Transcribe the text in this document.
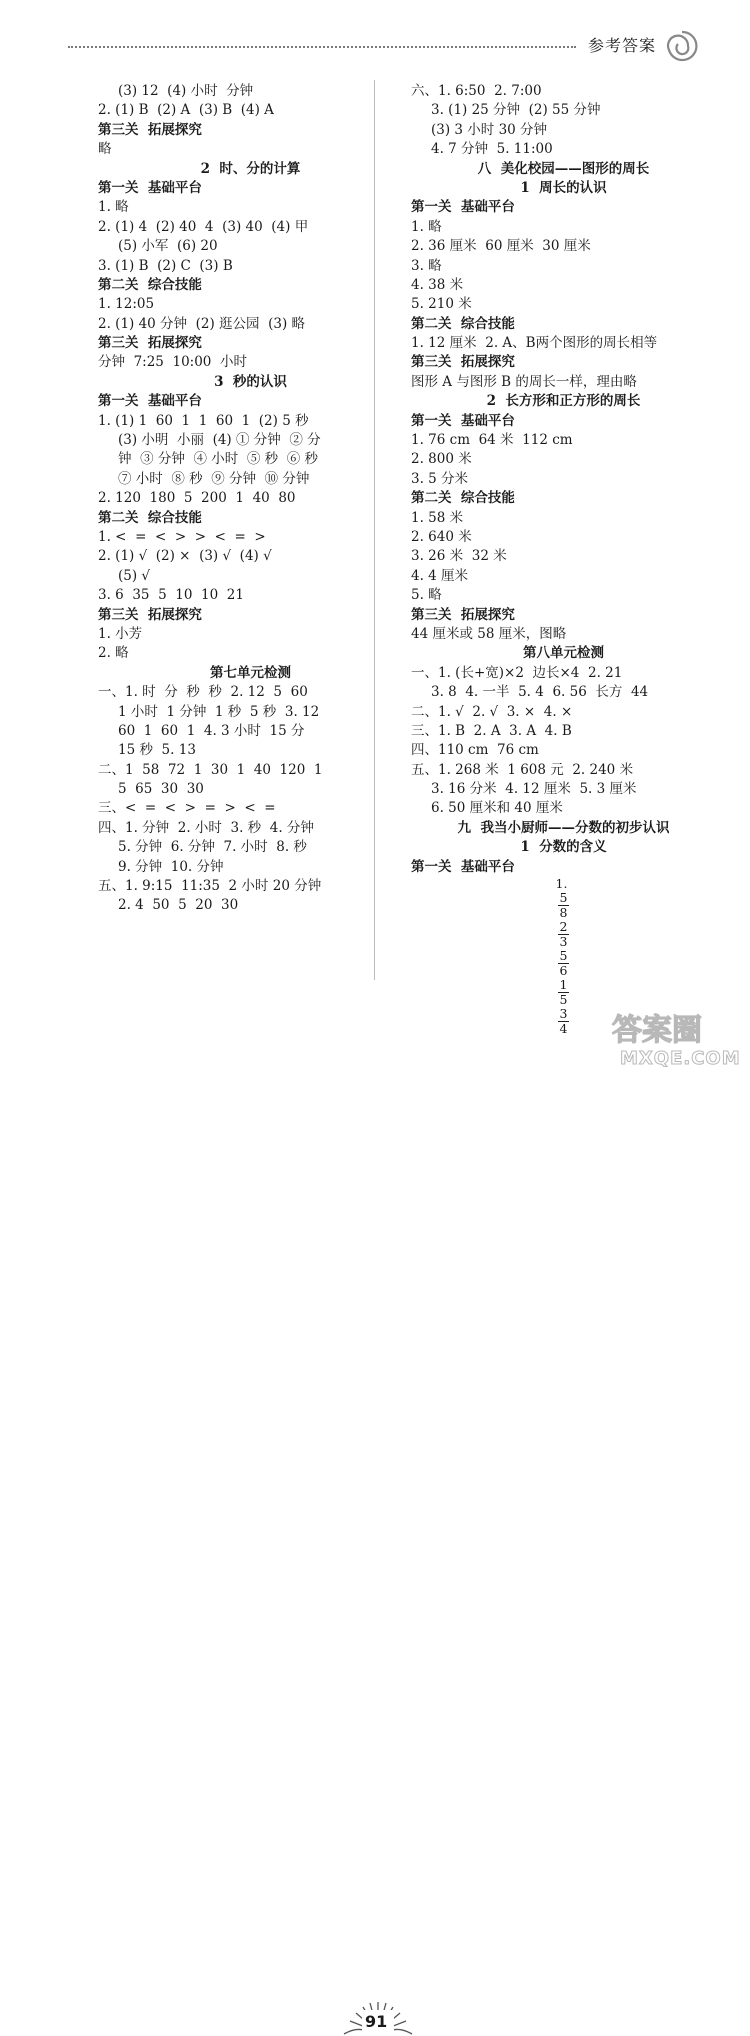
参考答案
(3) 12  (4) 小时  分钟
2. (1) B  (2) A  (3) B  (4) A
第三关  拓展探究
略
2  时、分的计算
第一关  基础平台
1. 略
2. (1) 4  (2) 40  4  (3) 40  (4) 甲
(5) 小军  (6) 20
3. (1) B  (2) C  (3) B
第二关  综合技能
1. 12:05
2. (1) 40 分钟  (2) 逛公园  (3) 略
第三关  拓展探究
分钟  7:25  10:00  小时
3  秒的认识
第一关  基础平台
1. (1) 1  60  1  1  60  1  (2) 5 秒
(3) 小明  小丽  (4) ① 分钟  ② 分
钟  ③ 分钟  ④ 小时  ⑤ 秒  ⑥ 秒
⑦ 小时  ⑧ 秒  ⑨ 分钟  ⑩ 分钟
2. 120  180  5  200  1  40  80
第二关  综合技能
1. <  =  <  >  >  <  =  >
2. (1) √  (2) ×  (3) √  (4) √
(5) √
3. 6  35  5  10  10  21
第三关  拓展探究
1. 小芳
2. 略
第七单元检测
一、1. 时  分  秒  秒  2. 12  5  60
1 小时  1 分钟  1 秒  5 秒  3. 12
60  1  60  1  4. 3 小时  15 分
15 秒  5. 13
二、1  58  72  1  30  1  40  120  1
5  65  30  30
三、<  =  <  >  =  >  <  =
四、1. 分钟  2. 小时  3. 秒  4. 分钟
5. 分钟  6. 分钟  7. 小时  8. 秒
9. 分钟  10. 分钟
五、1. 9:15  11:35  2 小时 20 分钟
2. 4  50  5  20  30
六、1. 6:50  2. 7:00
3. (1) 25 分钟  (2) 55 分钟
(3) 3 小时 30 分钟
4. 7 分钟  5. 11:00
八  美化校园——图形的周长
1  周长的认识
第一关  基础平台
1. 略
2. 36 厘米  60 厘米  30 厘米
3. 略
4. 38 米
5. 210 米
第二关  综合技能
1. 12 厘米  2. A、B两个图形的周长相等
第三关  拓展探究
图形 A 与图形 B 的周长一样，理由略
2  长方形和正方形的周长
第一关  基础平台
1. 76 cm  64 米  112 cm
2. 800 米
3. 5 分米
第二关  综合技能
1. 58 米
2. 640 米
3. 26 米  32 米
4. 4 厘米
5. 略
第三关  拓展探究
44 厘米或 58 厘米，图略
第八单元检测
一、1. (长+宽)×2  边长×4  2. 21
3. 8  4. 一半  5. 4  6. 56  长方  44
二、1. √  2. √  3. ×  4. ×
三、1. B  2. A  3. A  4. B
四、110 cm  76 cm
五、1. 268 米  1 608 元  2. 240 米
3. 16 分米  4. 12 厘米  5. 3 厘米
6. 50 厘米和 40 厘米
九  我当小厨师——分数的初步认识
1  分数的含义
第一关  基础平台
1.
$\frac{5}{8}$
$\frac{2}{3}$
$\frac{5}{6}$
$\frac{1}{5}$
$\frac{3}{4}$
91
答案圈
MXQE.COM
